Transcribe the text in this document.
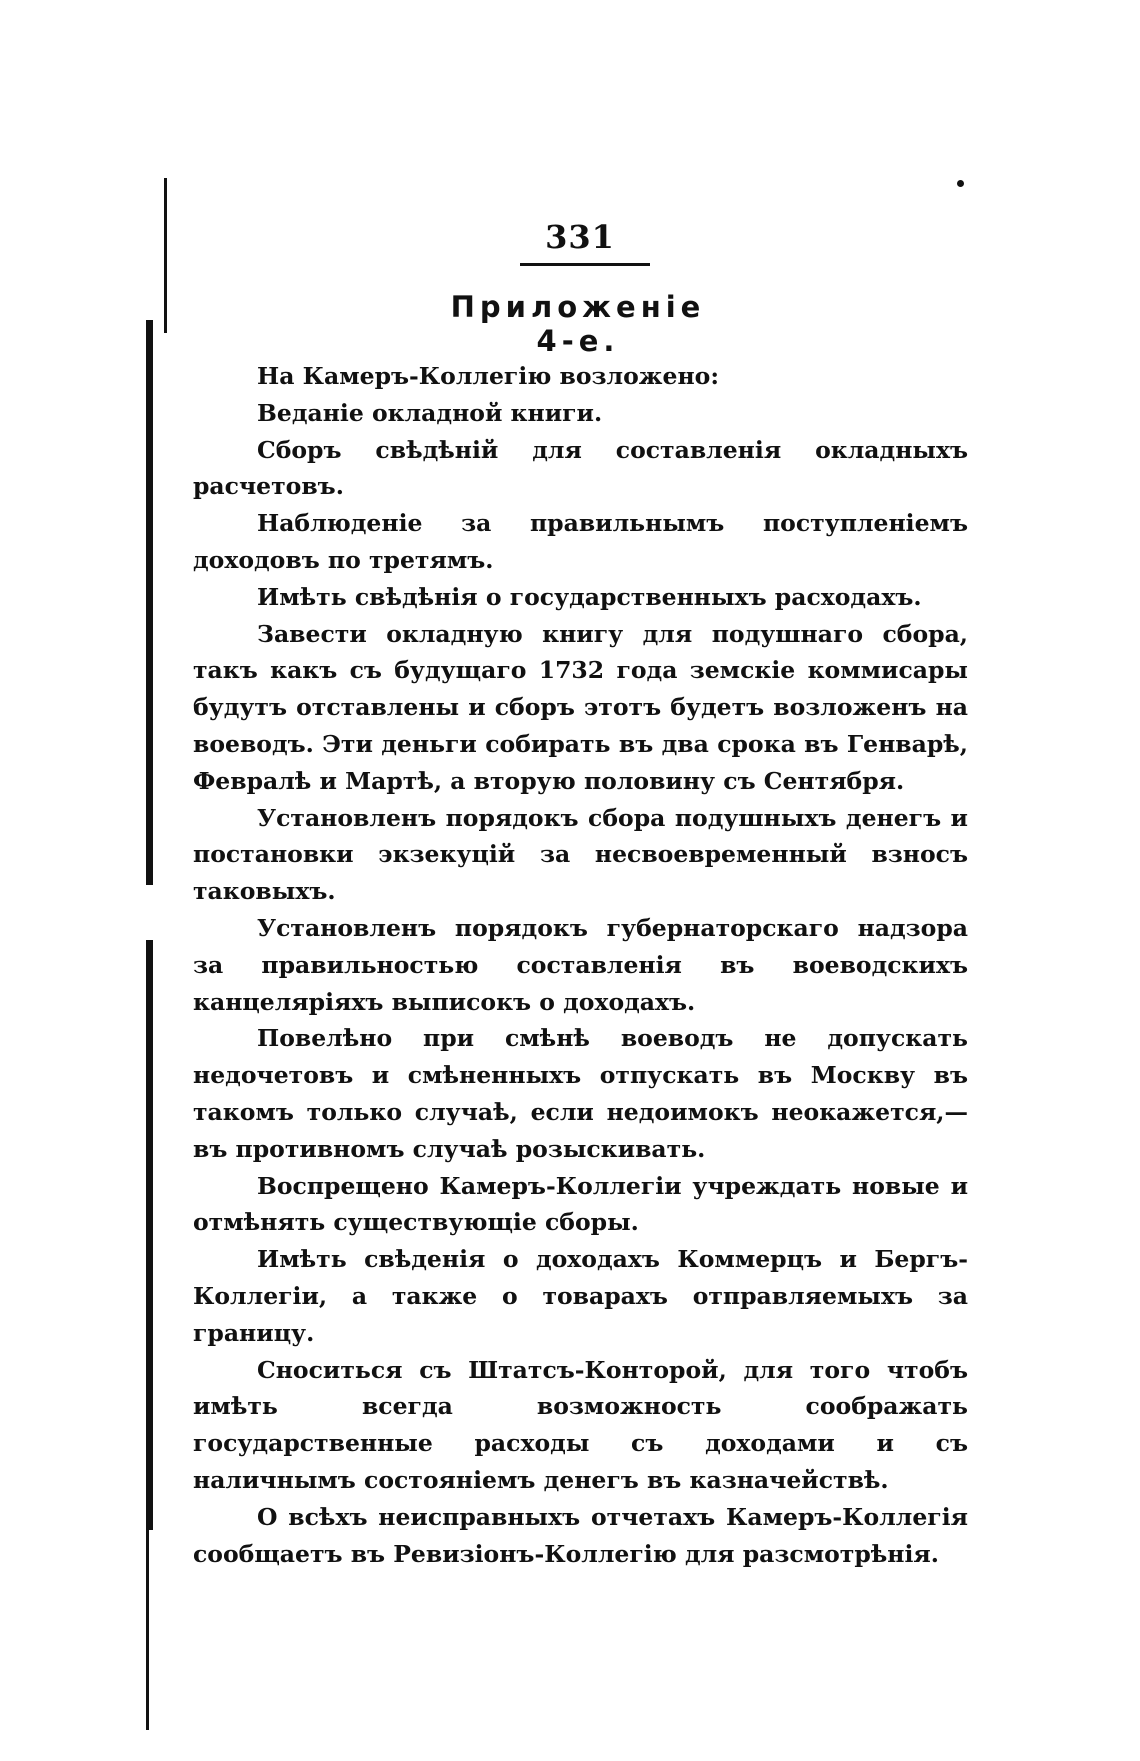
331
Приложеніе 4-е.

На Камеръ-Коллегію возложено:

Веданіе окладной книги.

Сборъ свѣдѣній для составленія окладныхъ расчетовъ.

Наблюденіе за правильнымъ поступленіемъ доходовъ по третямъ.

Имѣть свѣдѣнія о государственныхъ расходахъ.

Завести окладную книгу для подушнаго сбора, такъ какъ съ будущаго 1732 года земскіе коммисары будутъ отставлены и сборъ этотъ будетъ возложенъ на воеводъ. Эти деньги собирать въ два срока въ Генварѣ, Февралѣ и Мартѣ, а вторую половину съ Сентября.

Установленъ порядокъ сбора подушныхъ денегъ и постановки экзекуцій за несвоевременный взносъ таковыхъ.

Установленъ порядокъ губернаторскаго надзора за правильностью составленія въ воеводскихъ канцеляріяхъ выписокъ о доходахъ.

Повелѣно при смѣнѣ воеводъ не допускать недочетовъ и смѣненныхъ отпускать въ Москву въ такомъ только случаѣ, если недоимокъ неокажется,—въ противномъ случаѣ розыскивать.

Воспрещено Камеръ-Коллегіи учреждать новые и отмѣнять существующіе сборы.

Имѣть свѣденія о доходахъ Коммерцъ и Бергъ-Коллегіи, а также о товарахъ отправляемыхъ за границу.

Сноситься съ Штатсъ-Конторой, для того чтобъ имѣть всегда возможность соображать государственные расходы съ доходами и съ наличнымъ состояніемъ денегъ въ казначействѣ.

О всѣхъ неисправныхъ отчетахъ Камеръ-Коллегія сообщаетъ въ Ревизіонъ-Коллегію для разсмотрѣнія.
